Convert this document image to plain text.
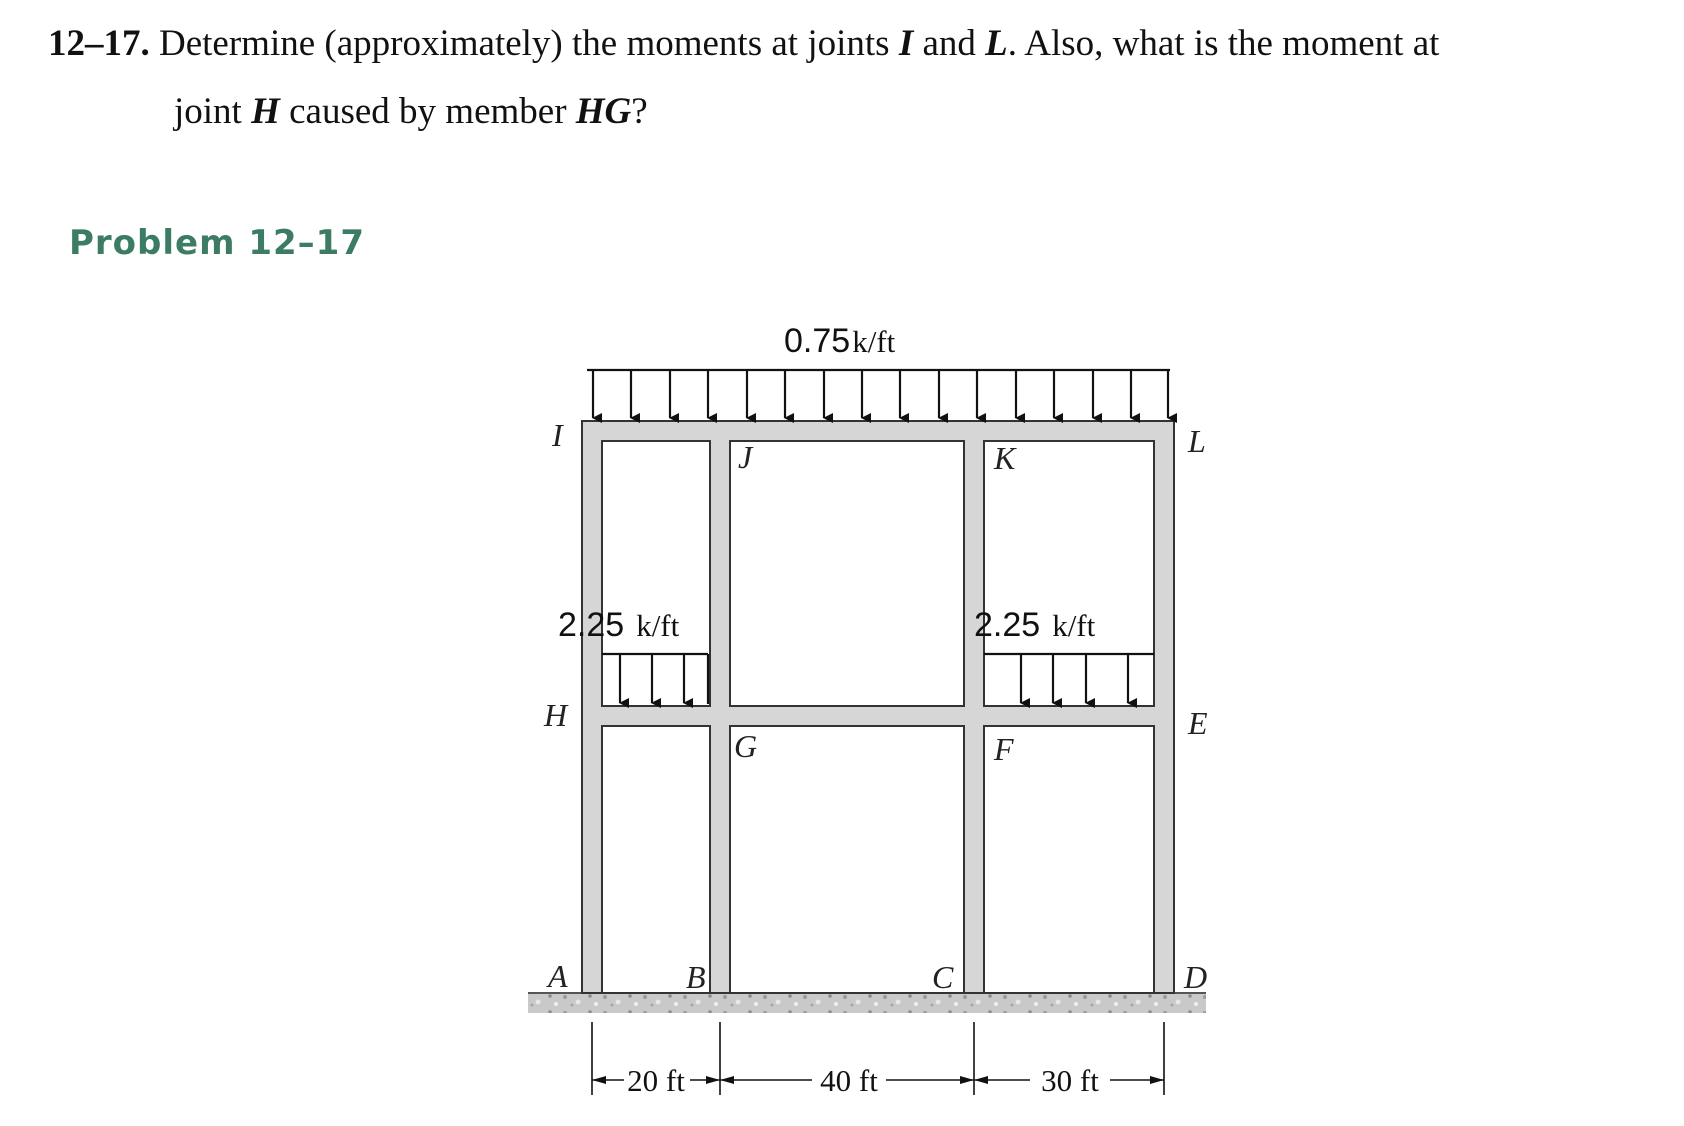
12–17. Determine (approximately) the moments at joints I and L. Also, what is the moment at
joint H caused by member HG?
Problem 12–17
0.75k/ft
2.25 k/ft	2.25 k/ft
I
J	K	L
H
G	F
E
A	B	C	D
20 ft	40 ft	30 ft
